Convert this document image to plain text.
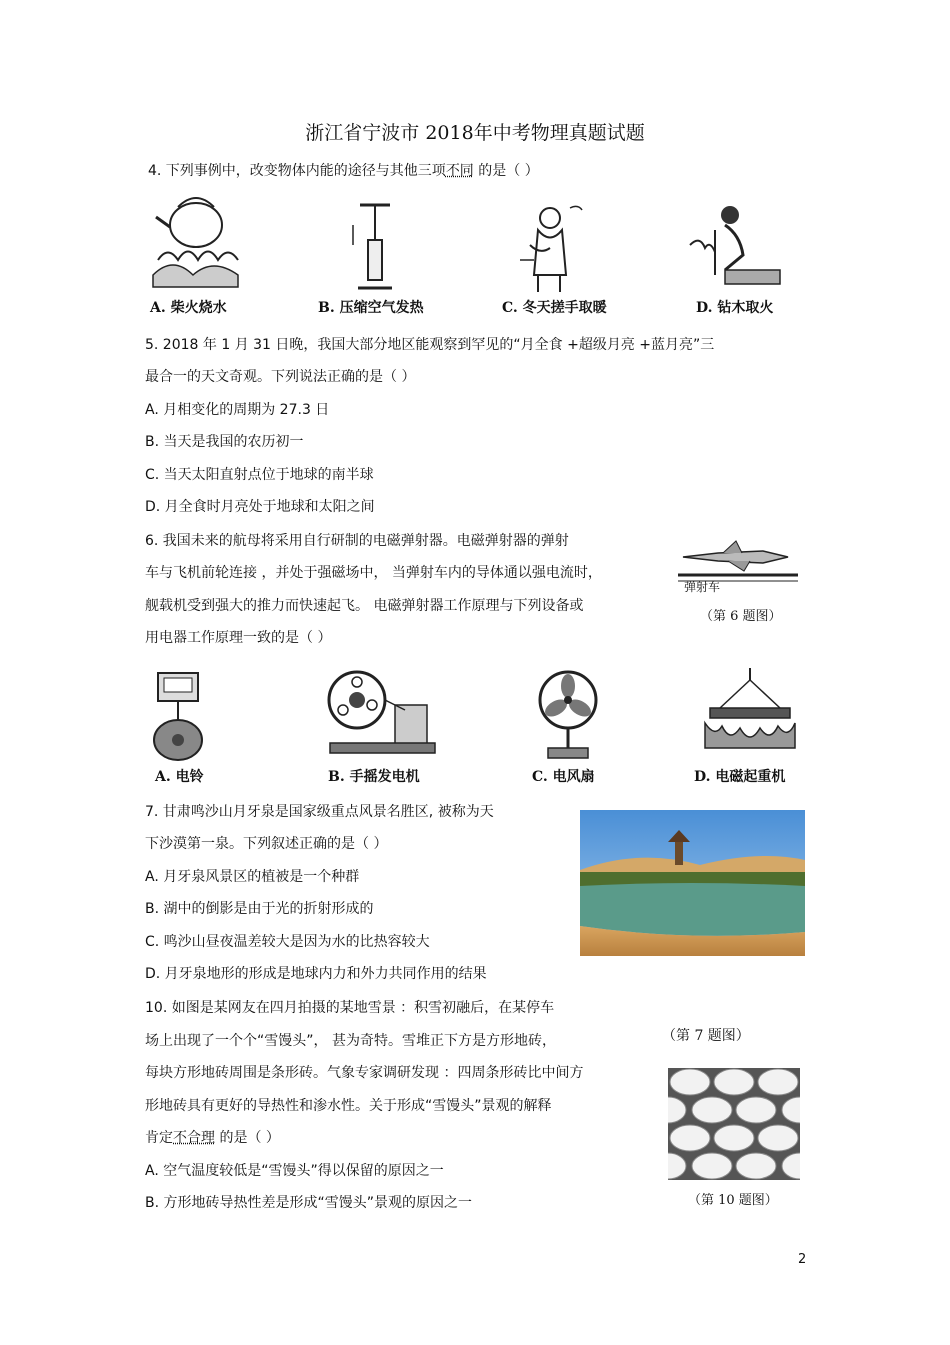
浙江省宁波市 2018年中考物理真题试题
4. 下列事例中，改变物体内能的途径与其他三项不同 的是（ ）
A. 柴火烧水	B. 压缩空气发热	C. 冬天搓手取暖	D. 钻木取火
5. 2018 年 1 月 31 日晚，我国大部分地区能观察到罕见的“月全食 +超级月亮 +蓝月亮”三
最合一的天文奇观。下列说法正确的是（ ）
A. 月相变化的周期为 27.3 日
B. 当天是我国的农历初一
C. 当天太阳直射点位于地球的南半球
D. 月全食时月亮处于地球和太阳之间
6. 我国未来的航母将采用自行研制的电磁弹射器。电磁弹射器的弹射
车与飞机前轮连接 ，并处于强磁场中， 当弹射车内的导体通以强电流时，
舰载机受到强大的推力而快速起飞。 电磁弹射器工作原理与下列设备或
用电器工作原理一致的是（ ）
弹射车
（第 6 题图）
A. 电铃	B. 手摇发电机	C. 电风扇	D. 电磁起重机
7. 甘肃鸣沙山月牙泉是国家级重点风景名胜区, 被称为天
下沙漠第一泉。下列叙述正确的是（ ）
A. 月牙泉风景区的植被是一个种群
B. 湖中的倒影是由于光的折射形成的
C. 鸣沙山昼夜温差较大是因为水的比热容较大
D. 月牙泉地形的形成是地球内力和外力共同作用的结果
（第 7 题图）
10. 如图是某网友在四月拍摄的某地雪景 ：积雪初融后，在某停车
场上出现了一个个“雪馒头”， 甚为奇特。雪堆正下方是方形地砖，
每块方形地砖周围是条形砖。气象专家调研发现 ：四周条形砖比中间方
形地砖具有更好的导热性和渗水性。关于形成“雪馒头”景观的解释
肯定不合理 的是（ ）
A. 空气温度较低是“雪馒头”得以保留的原因之一
B. 方形地砖导热性差是形成“雪馒头”景观的原因之一	（第 10 题图）
2
